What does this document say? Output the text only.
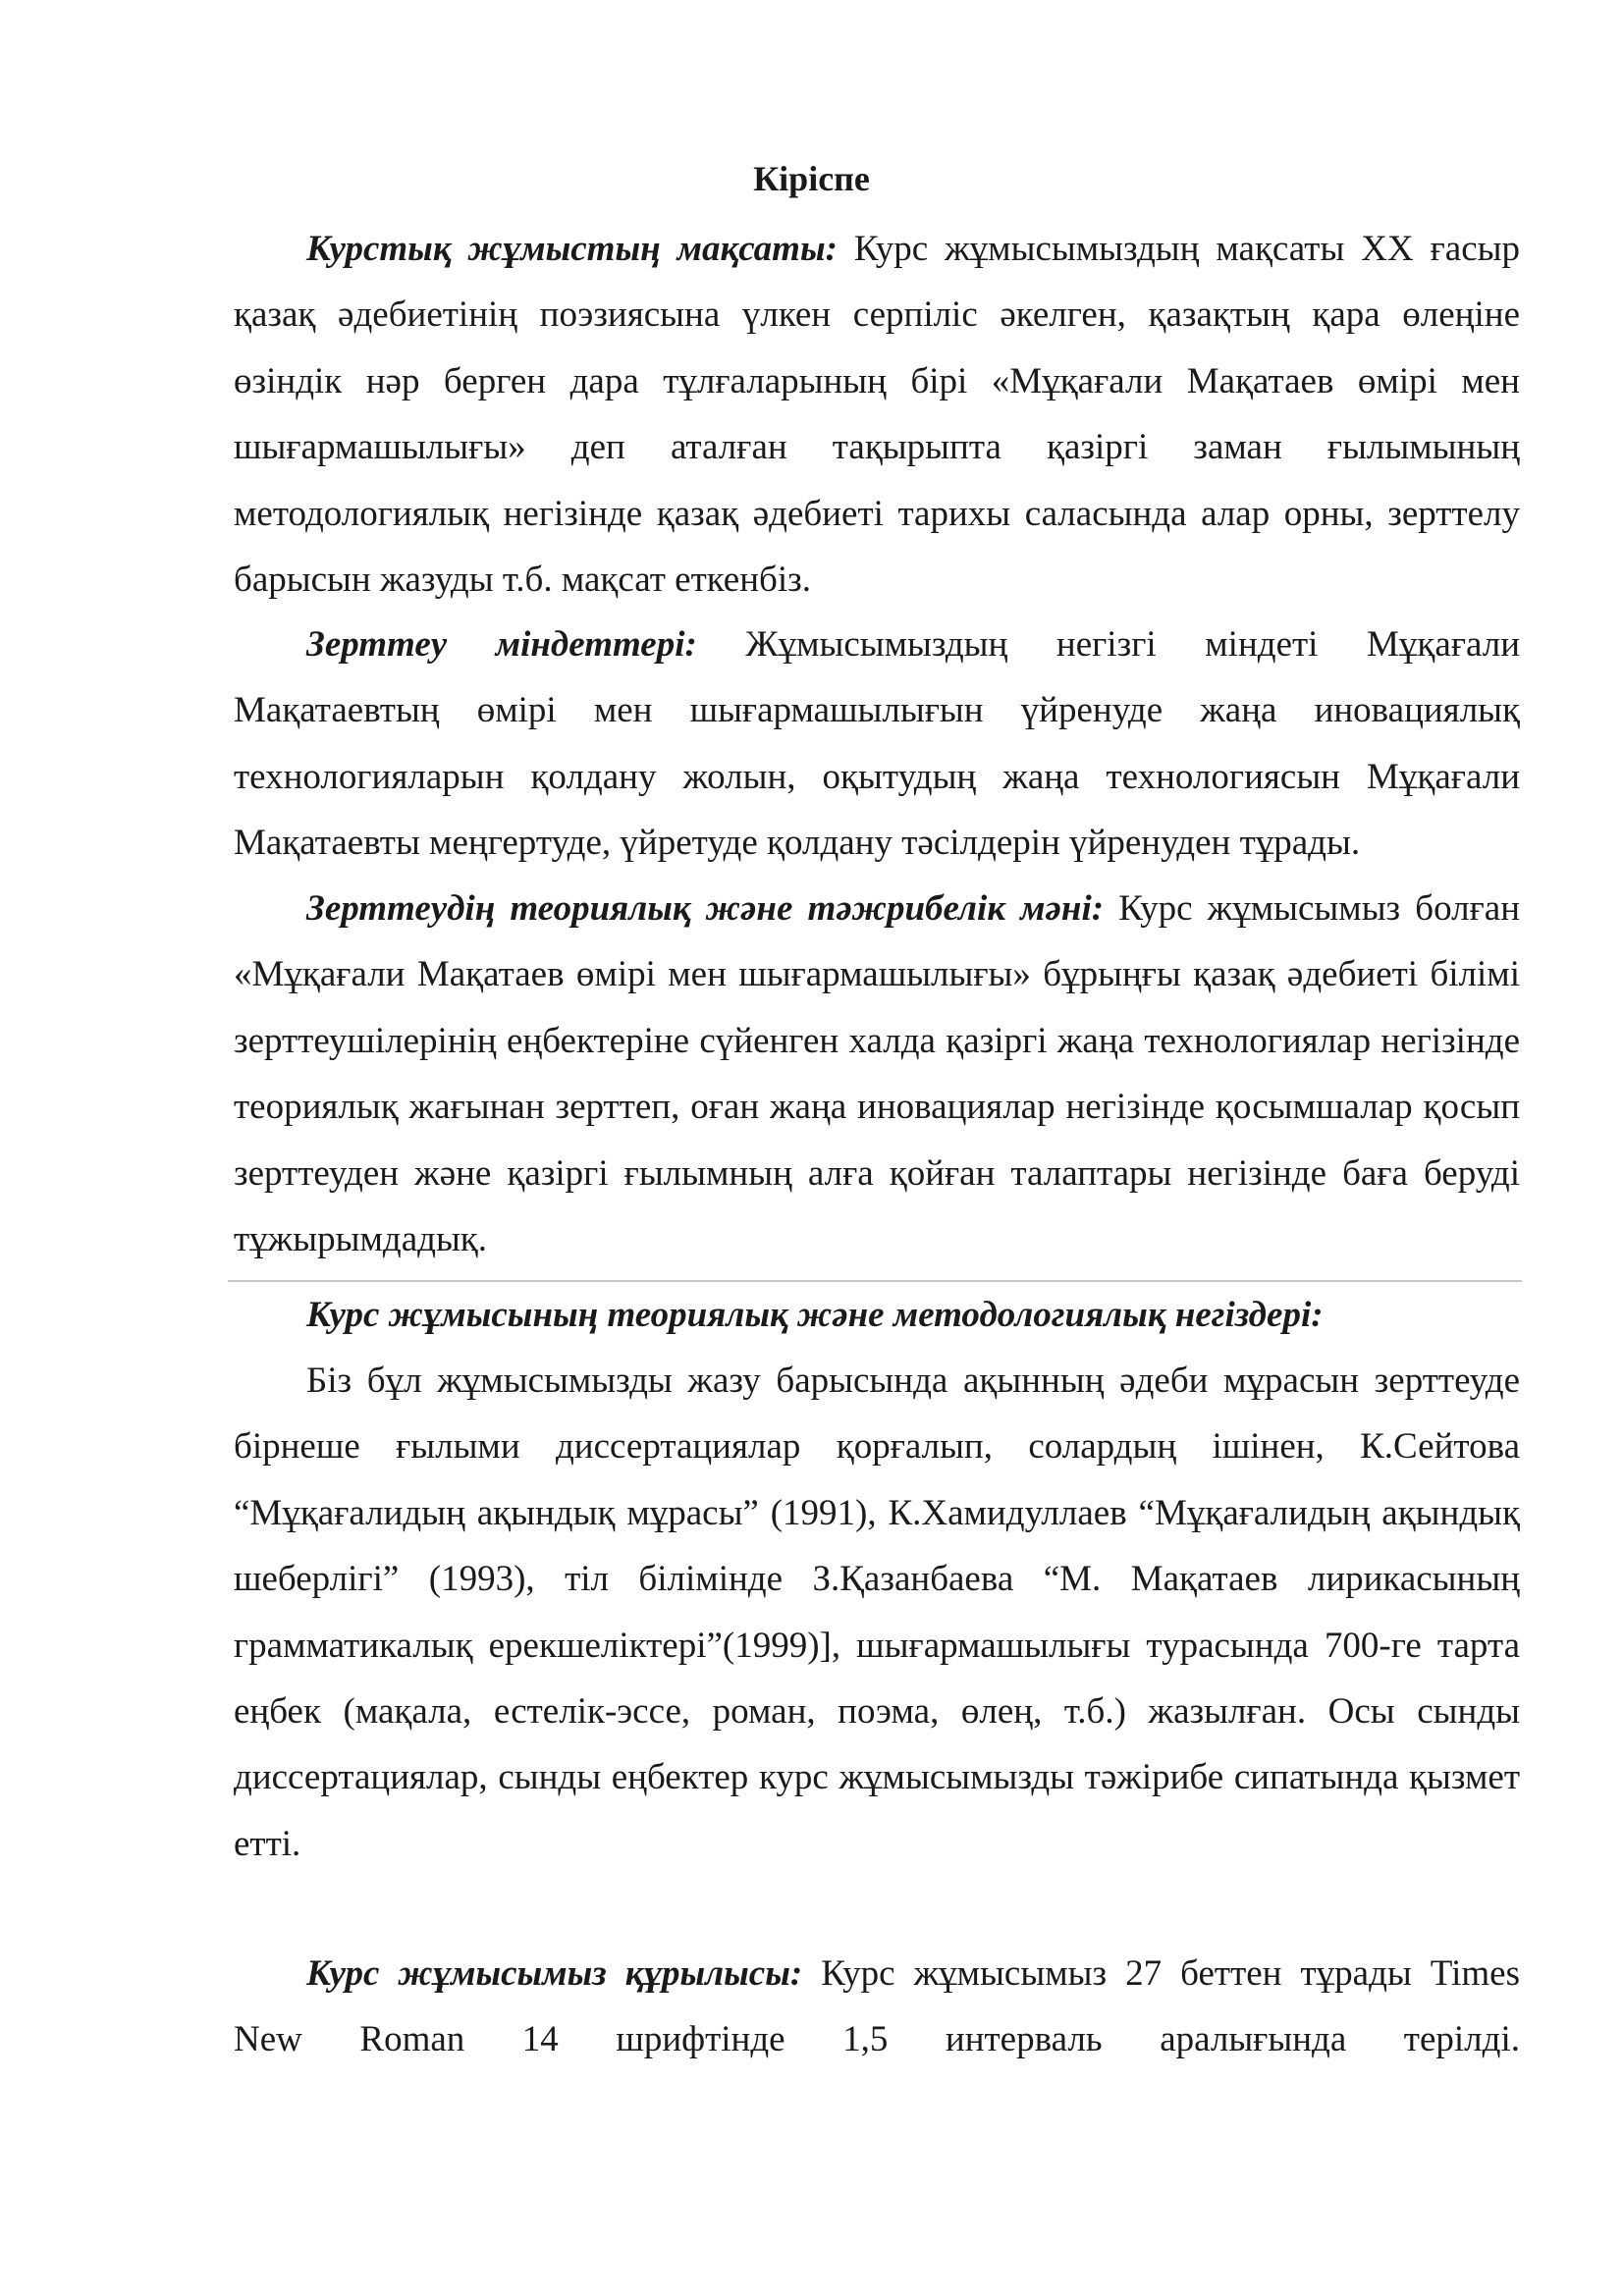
Кіріспе

Курстық жұмыстың мақсаты: Курс жұмысымыздың мақсаты ХХ ғасыр қазақ әдебиетінің поэзиясына үлкен серпіліс әкелген, қазақтың қара өлеңіне өзіндік нәр берген дара тұлғаларының бірі «Мұқағали Мақатаев өмірі мен шығармашылығы» деп аталған тақырыпта қазіргі заман ғылымының методологиялық негізінде қазақ әдебиеті тарихы саласында алар орны, зерттелу барысын жазуды т.б. мақсат еткенбіз.

Зерттеу міндеттері: Жұмысымыздың негізгі міндеті Мұқағали Мақатаевтың өмірі мен шығармашылығын үйренуде жаңа иновациялық технологияларын қолдану жолын, оқытудың жаңа технологиясын Мұқағали Мақатаевты меңгертуде, үйретуде қолдану тәсілдерін үйренуден тұрады.

Зерттеудің теориялық және тәжрибелік мәні: Курс жұмысымыз болған «Мұқағали Мақатаев өмірі мен шығармашылығы» бұрыңғы қазақ әдебиеті білімі зерттеушілерінің еңбектеріне сүйенген халда қазіргі жаңа технологиялар негізінде теориялық жағынан зерттеп, оған жаңа иновациялар негізінде қосымшалар қосып зерттеуден және қазіргі ғылымның алға қойған талаптары негізінде баға беруді тұжырымдадық.

Курс жұмысының теориялық және методологиялық негіздері:

Біз бұл жұмысымызды жазу барысында ақынның әдеби мұрасын зерттеуде бірнеше ғылыми диссертациялар қорғалып, солардың ішінен, К.Сейтова “Мұқағалидың ақындық мұрасы” (1991), К.Хамидуллаев “Мұқағалидың ақындық шеберлігі” (1993), тіл білімінде З.Қазанбаева “М. Мақатаев лирикасының грамматикалық ерекшеліктері”(1999)], шығармашылығы турасында 700-ге тарта еңбек (мақала, естелік-эссе, роман, поэма, өлең, т.б.) жазылған. Осы сынды диссертациялар, сынды еңбектер курс жұмысымызды тәжірибе сипатында қызмет етті.

Курс жұмысымыз құрылысы: Курс жұмысымыз 27 беттен тұрады Times New Roman 14 шрифтінде 1,5 интерваль аралығында терілді.
